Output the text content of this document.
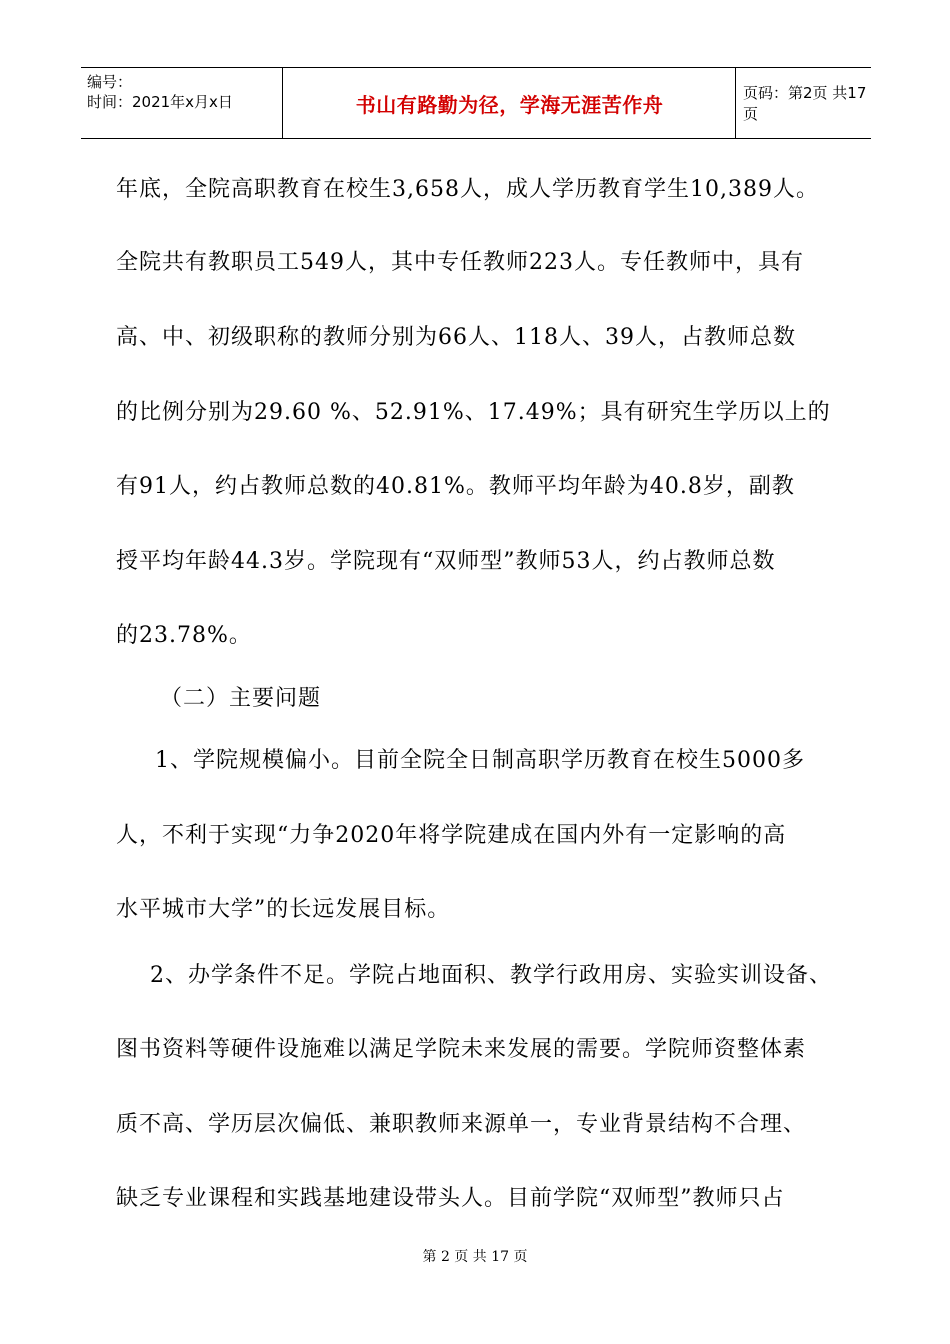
编号：
时间：2021年x月x日	书山有路勤为径，学海无涯苦作舟	页码：第2页 共17页
年底，全院高职教育在校生3,658人，成人学历教育学生10,389人。
全院共有教职员工549人，其中专任教师223人。专任教师中，具有
高、中、初级职称的教师分别为66人、118人、39人，占教师总数
的比例分别为29.60 %、52.91%、17.49%；具有研究生学历以上的
有91人，约占教师总数的40.81%。教师平均年龄为40.8岁，副教
授平均年龄44.3岁。学院现有“双师型”教师53人，约占教师总数
的23.78%。
（二）主要问题
1、学院规模偏小。目前全院全日制高职学历教育在校生5000多
人，不利于实现“力争2020年将学院建成在国内外有一定影响的高
水平城市大学”的长远发展目标。
2、办学条件不足。学院占地面积、教学行政用房、实验实训设备、
图书资料等硬件设施难以满足学院未来发展的需要。学院师资整体素
质不高、学历层次偏低、兼职教师来源单一，专业背景结构不合理、
缺乏专业课程和实践基地建设带头人。目前学院“双师型”教师只占
第 2 页 共 17 页
